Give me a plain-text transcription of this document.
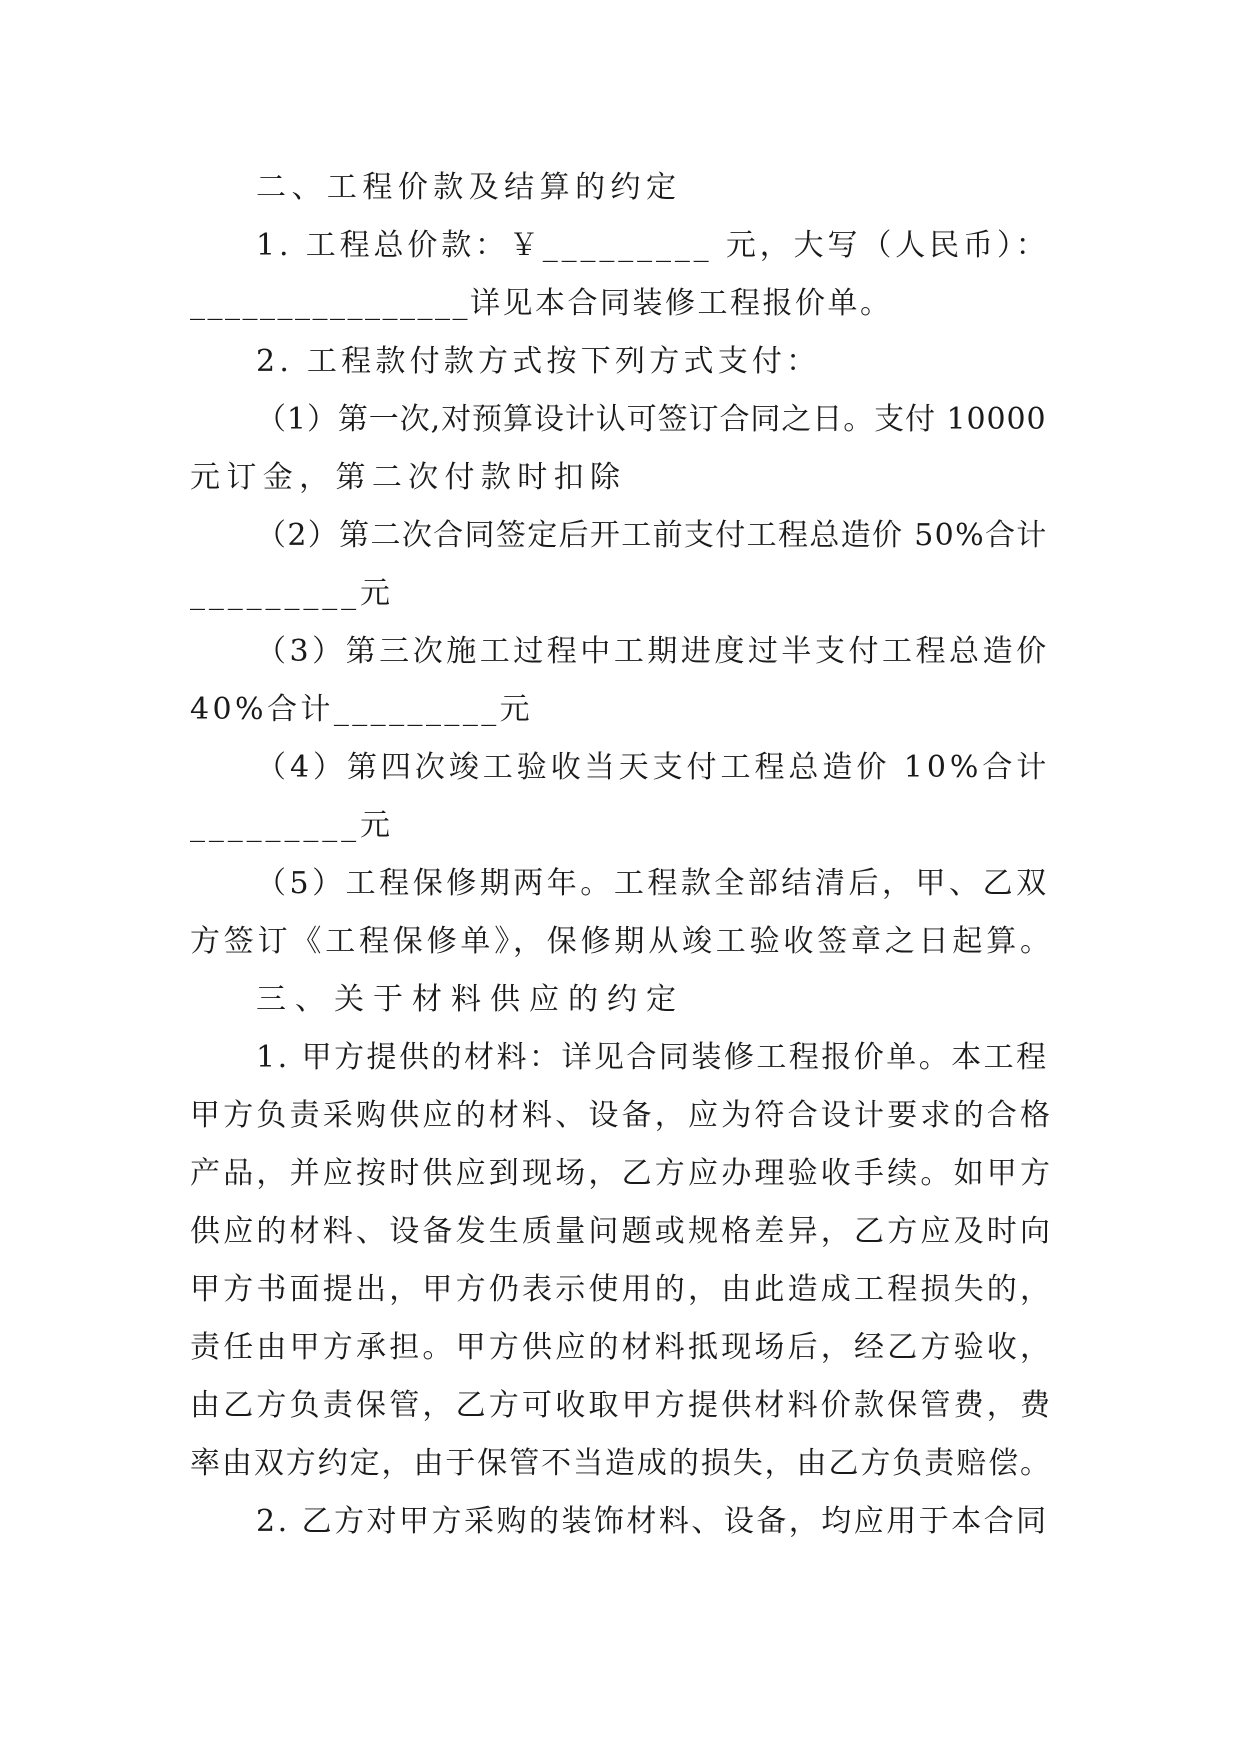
二、工程价款及结算的约定
1. 工程总价款：￥_________ 元，大写（人民币）：
________________详见本合同装修工程报价单。
2. 工程款付款方式按下列方式支付：
（1）第一次,对预算设计认可签订合同之日。支付 10000
元订金，第二次付款时扣除
（2）第二次合同签定后开工前支付工程总造价 50%合计
_________元
（3）第三次施工过程中工期进度过半支付工程总造价
40%合计_________元
（4）第四次竣工验收当天支付工程总造价 10%合计
_________元
（5）工程保修期两年。工程款全部结清后，甲、乙双
方签订《工程保修单》，保修期从竣工验收签章之日起算。
三、关于材料供应的约定
1. 甲方提供的材料：详见合同装修工程报价单。本工程
甲方负责采购供应的材料、设备，应为符合设计要求的合格
产品，并应按时供应到现场，乙方应办理验收手续。如甲方
供应的材料、设备发生质量问题或规格差异，乙方应及时向
甲方书面提出，甲方仍表示使用的，由此造成工程损失的，
责任由甲方承担。甲方供应的材料抵现场后，经乙方验收，
由乙方负责保管，乙方可收取甲方提供材料价款保管费，费
率由双方约定，由于保管不当造成的损失，由乙方负责赔偿。
2. 乙方对甲方采购的装饰材料、设备，均应用于本合同
